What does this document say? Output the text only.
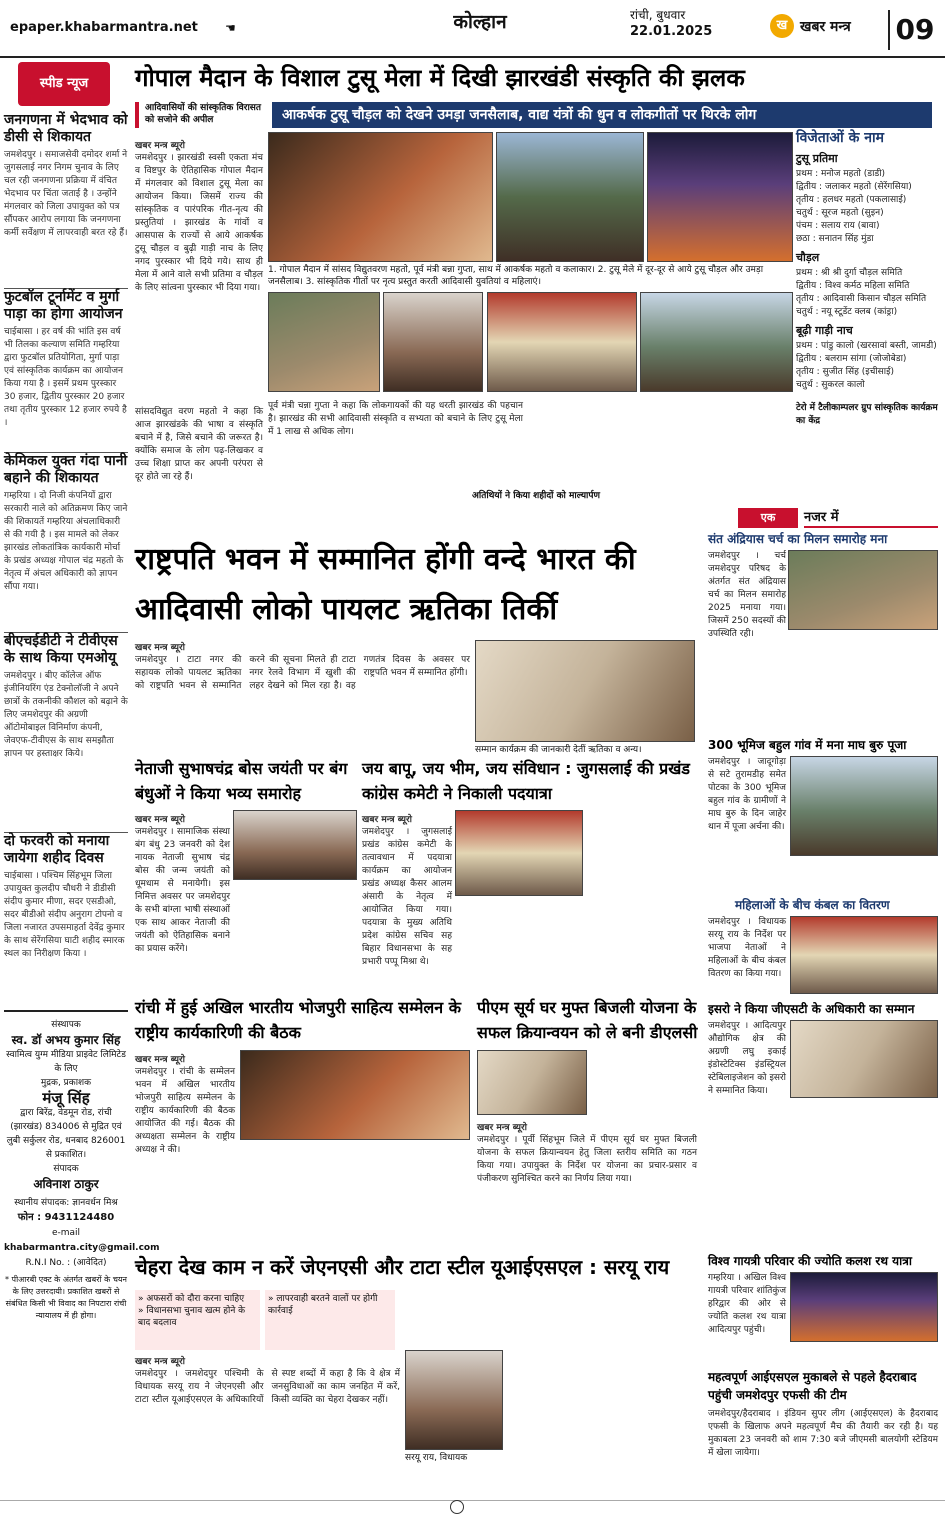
epaper.khabarmantra.net ☚	कोल्हान	रांची, बुधवार
22.01.2025	ख खबर मन्त्र 09
स्पीड न्यूज
जनगणना में भेदभाव को डीसी से शिकायत
जमशेदपुर । समाजसेवी दमोदर शर्मा ने जुगसलाई नगर निगम चुनाव के लिए चल रही जनगणना प्रक्रिया में वंचित भेदभाव पर चिंता जताई है । उन्होंने मंगलवार को जिला उपायुक्त को पत्र सौंपकर आरोप लगाया कि जनगणना कर्मी सर्वेक्षण में लापरवाही बरत रहे हैं।
फुटबॉल टूर्नामेंट व मुर्गा पाड़ा का होगा आयोजन
चाईबासा । हर वर्ष की भांति इस वर्ष भी तिलका कल्याण समिति गम्हरिया द्वारा फुटबॉल प्रतियोगिता, मुर्गा पाड़ा एवं सांस्कृतिक कार्यक्रम का आयोजन किया गया है । इसमें प्रथम पुरस्कार 30 हजार, द्वितीय पुरस्कार 20 हजार तथा तृतीय पुरस्कार 12 हजार रुपये है ।
केमिकल युक्त गंदा पानी बहाने की शिकायत
गम्हरिया । दो निजी कंपनियों द्वारा सरकारी नाले को अतिक्रमण किए जाने की शिकायतें गम्हरिया अंचलाधिकारी से की गयी है । इस मामले को लेकर झारखंड लोकतांत्रिक कार्यकारी मोर्चा के प्रखंड अध्यक्ष गोपाल चंद्र महतो के नेतृत्व में अंचल अधिकारी को ज्ञापन सौंपा गया।
बीएचईडीटी ने टीवीएस के साथ किया एमओयू
जमशेदपुर । बीए कॉलेज ऑफ इंजीनियरिंग एंड टेक्नोलॉजी ने अपने छात्रों के तकनीकी कौशल को बढ़ाने के लिए जमशेदपुर की अग्रणी ऑटोमोबाइल विनिर्माण कंपनी, जेवएफ-टीवीएस के साथ समझौता ज्ञापन पर हस्ताक्षर किये।
दो फरवरी को मनाया जायेगा शहीद दिवस
चाईबासा । पश्चिम सिंहभूम जिला उपायुक्त कुलदीप चौधरी ने डीडीसी संदीप कुमार मीणा, सदर एसडीओ, सदर बीडीओ संदीप अनुराग टोपनो व जिला नजारत उपसमाहर्ता देवेंद्र कुमार के साथ सेरेंगसिया घाटी शहीद स्मारक स्थल का निरीक्षण किया ।
संस्थापक
स्व. डॉ अभय कुमार सिंह
स्वामित्व युग्म मीडिया प्राइवेट लिमिटेड के लिए
मुद्रक, प्रकाशक
मंजू सिंह
द्वारा बिरेंद्र, वेडमून रोड, रांची (झारखंड) 834006 से मुद्रित एवं लुबी सर्कुलर रोड, धनबाद 826001 से प्रकाशित।
संपादक
अविनाश ठाकुर
स्थानीय संपादक: ज्ञानवर्धन मिश्र
फोन : 9431124480
e-mail
khabarmantra.city@gmail.com
R.N.I No. : (आवेदित)
* पीआरबी एक्ट के अंतर्गत खबरों के चयन के लिए उत्तरदायी। प्रकाशित खबरों से संबंधित किसी भी विवाद का निपटारा रांची न्यायालय में ही होगा।
गोपाल मैदान के विशाल टुसू मेला में दिखी झारखंडी संस्कृति की झलक
आदिवासियों की सांस्कृतिक विरासत को सजोने की अपील	आकर्षक टुसू चौड़ल को देखने उमड़ा जनसैलाब, वाद्य यंत्रों की धुन व लोकगीतों पर थिरके लोग
खबर मन्त्र ब्यूरो
जमशेदपुर । झारखंडी स्वसी एकता मंच व विष्टपुर के ऐतिहासिक गोपाल मैदान में मंगलवार को विशाल टुसू मेला का आयोजन किया। जिसमें राज्य की सांस्कृतिक व पारंपरिक गीत-नृत्य की प्रस्तुतियां । झारखंड के गांवों व आसपास के राज्यों से आये आकर्षक टुसू चौड़ल व बुढ़ी गाड़ी नाच के लिए नगद पुरस्कार भी दिये गये। साथ ही मेला में आने वाले सभी प्रतिमा व चौड़ल के लिए सांत्वना पुरस्कार भी दिया गया।
सांसदविद्युत वरण महतो ने कहा कि आज झारखंडके की भाषा व संस्कृति बचाने में है, जिसे बचाने की जरूरत है। क्योंकि समाज के लोग पढ़-लिखकर व उच्च शिक्षा प्राप्त कर अपनी परंपरा से दूर होते जा रहे हैं।
1. गोपाल मैदान में सांसद विद्युतवरण महतो, पूर्व मंत्री बन्ना गुप्ता, साथ में आकर्षक महतो व कलाकार। 2. टुसू मेले में दूर-दूर से आये टुसू चौड़ल और उमड़ा जनसैलाब। 3. सांस्कृतिक गीतों पर नृत्य प्रस्तुत करती आदिवासी युवतियां व महिलाएं।
पूर्व मंत्री चन्ना गुप्ता ने कहा कि लोकगायकों की यह धरती झारखंड की पहचान है। झारखंड की सभी आदिवासी संस्कृति व सभ्यता को बचाने के लिए टुसू मेला में 1 लाख से अधिक लोग।
अतिथियों ने किया शहीदों को माल्यार्पण
विजेताओं के नाम
टुसू प्रतिमा
प्रथम : मनोज महतो (डाडी)
द्वितीय : जलाकर महतो (सेरेंगसिया)
तृतीय : हलधर महतो (पकलासाई)
चतुर्थ : सूरज महतो (सुइन)
पंचम : सलाय राय (बावा)
छठा : सनातन सिंह मुंडा
चौड़ल
प्रथम : श्री श्री दुर्गा चौड़ल समिति
द्वितीय : विश्व कर्मठ महिला समिति
तृतीय : आदिवासी किसान चौड़ल समिति
चतुर्थ : नयू स्टूडेंट क्लब (कांड्रा)
बूढ़ी गाड़ी नाच
प्रथम : पांडु कालो (खरसावां बस्ती, जामडी)
द्वितीय : बलराम सांगा (जोजोबेडा)
तृतीय : सुजीत सिंह (इचीसाई)
चतुर्थ : सुकरल कालो
टेरो में टैलीकाम्पलर ग्रुप सांस्कृतिक कार्यक्रम का केंद्र
राष्ट्रपति भवन में सम्मानित होंगी वन्दे भारत की आदिवासी लोको पायलट ऋतिका तिर्की
खबर मन्त्र ब्यूरो
जमशेदपुर । टाटा नगर की सहायक लोको पायलट ऋतिका को राष्ट्रपति भवन से सम्मानित करने की सूचना मिलते ही टाटा नगर रेलवे विभाग में खुशी की लहर देखने को मिल रहा है। वह गणतंत्र दिवस के अवसर पर राष्ट्रपति भवन में सम्मानित होंगी।
सम्मान कार्यक्रम की जानकारी देतीं ऋतिका व अन्य।
नेताजी सुभाषचंद्र बोस जयंती पर बंग बंधुओं ने किया भव्य समारोह
खबर मन्त्र ब्यूरो
जमशेदपुर । सामाजिक संस्था बंग बंधु 23 जनवरी को देश नायक नेताजी सुभाष चंद्र बोस की जन्म जयंती को धूमधाम से मनायेगी। इस निमित्त अवसर पर जमशेदपुर के सभी बांग्ला भाषी संस्थाओं एक साथ आकर नेताजी की जयंती को ऐतिहासिक बनाने का प्रयास करेंगे।
जय बापू, जय भीम, जय संविधान : जुगसलाई की प्रखंड कांग्रेस कमेटी ने निकाली पदयात्रा
खबर मन्त्र ब्यूरो
जमशेदपुर । जुगसलाई प्रखंड कांग्रेस कमेटी के तत्वावधान में पदयात्रा कार्यक्रम का आयोजन प्रखंड अध्यक्ष कैसर आलम अंसारी के नेतृत्व में आयोजित किया गया। पदयात्रा के मुख्य अतिथि प्रदेश कांग्रेस सचिव सह बिहार विधानसभा के सह प्रभारी पप्पू मिश्रा थे।
रांची में हुई अखिल भारतीय भोजपुरी साहित्य सम्मेलन के राष्ट्रीय कार्यकारिणी की बैठक
खबर मन्त्र ब्यूरो
जमशेदपुर । रांची के सम्मेलन भवन में अखिल भारतीय भोजपुरी साहित्य सम्मेलन के राष्ट्रीय कार्यकारिणी की बैठक आयोजित की गई। बैठक की अध्यक्षता सम्मेलन के राष्ट्रीय अध्यक्ष ने की।
पीएम सूर्य घर मुफ्त बिजली योजना के सफल क्रियान्वयन को ले बनी डीएलसी
खबर मन्त्र ब्यूरो
जमशेदपुर । पूर्वी सिंहभूम जिले में पीएम सूर्य घर मुफ्त बिजली योजना के सफल क्रियान्वयन हेतु जिला स्तरीय समिति का गठन किया गया। उपायुक्त के निर्देश पर योजना का प्रचार-प्रसार व पंजीकरण सुनिश्चित करने का निर्णय लिया गया।
चेहरा देख काम न करें जेएनएसी और टाटा स्टील यूआईएसएल : सरयू राय
» अफसरों को दौरा करना चाहिए
» विधानसभा चुनाव खत्म होने के बाद बदलाव
» लापरवाही बरतने वालों पर होगी कार्रवाई
खबर मन्त्र ब्यूरो
जमशेदपुर । जमशेदपुर पश्चिमी के विधायक सरयू राय ने जेएनएसी और टाटा स्टील यूआईएसएल के अधिकारियों से स्पष्ट शब्दों में कहा है कि वे क्षेत्र में जनसुविधाओं का काम जनहित में करें, किसी व्यक्ति का चेहरा देखकर नहीं।
सरयू राय, विधायक
एक	नजर में
संत अंद्रियास चर्च का मिलन समारोह मना
जमशेदपुर । चर्च जमशेदपुर परिषद के अंतर्गत संत अंद्रियास चर्च का मिलन समारोह 2025 मनाया गया। जिसमें 250 सदस्यों की उपस्थिति रही।
300 भूमिज बहुल गांव में मना माघ बुरु पूजा
जमशेदपुर । जादूगोड़ा से सटे तुरामडीह समेत पोटका के 300 भूमिज बहुल गांव के ग्रामीणों ने माघ बुरु के दिन जाहेर थान में पूजा अर्चना की।
महिलाओं के बीच कंबल का वितरण
जमशेदपुर । विधायक सरयू राय के निर्देश पर भाजपा नेताओं ने महिलाओं के बीच कंबल वितरण का किया गया।
इसरो ने किया जीएसटी के अधिकारी का सम्मान
जमशेदपुर । आदित्यपुर औद्योगिक क्षेत्र की अग्रणी लघु इकाई इंडोस्टेटिक्स इंडस्ट्रियल स्टेबिलाइजेशन को इसरो ने सम्मानित किया।
विश्व गायत्री परिवार की ज्योति कलश रथ यात्रा
गम्हरिया । अखिल विश्व गायत्री परिवार शांतिकुंज हरिद्वार की ओर से ज्योति कलश रथ यात्रा आदित्यपुर पहुंची।
महत्वपूर्ण आईएसएल मुकाबले से पहले हैदराबाद पहुंची जमशेदपुर एफसी की टीम
जमशेदपुर/हैदराबाद । इंडियन सुपर लीग (आईएसएल) के हैदराबाद एफसी के खिलाफ अपने महत्वपूर्ण मैच की तैयारी कर रही है। यह मुकाबला 23 जनवरी को शाम 7:30 बजे जीएमसी बालयोगी स्टेडियम में खेला जायेगा।
